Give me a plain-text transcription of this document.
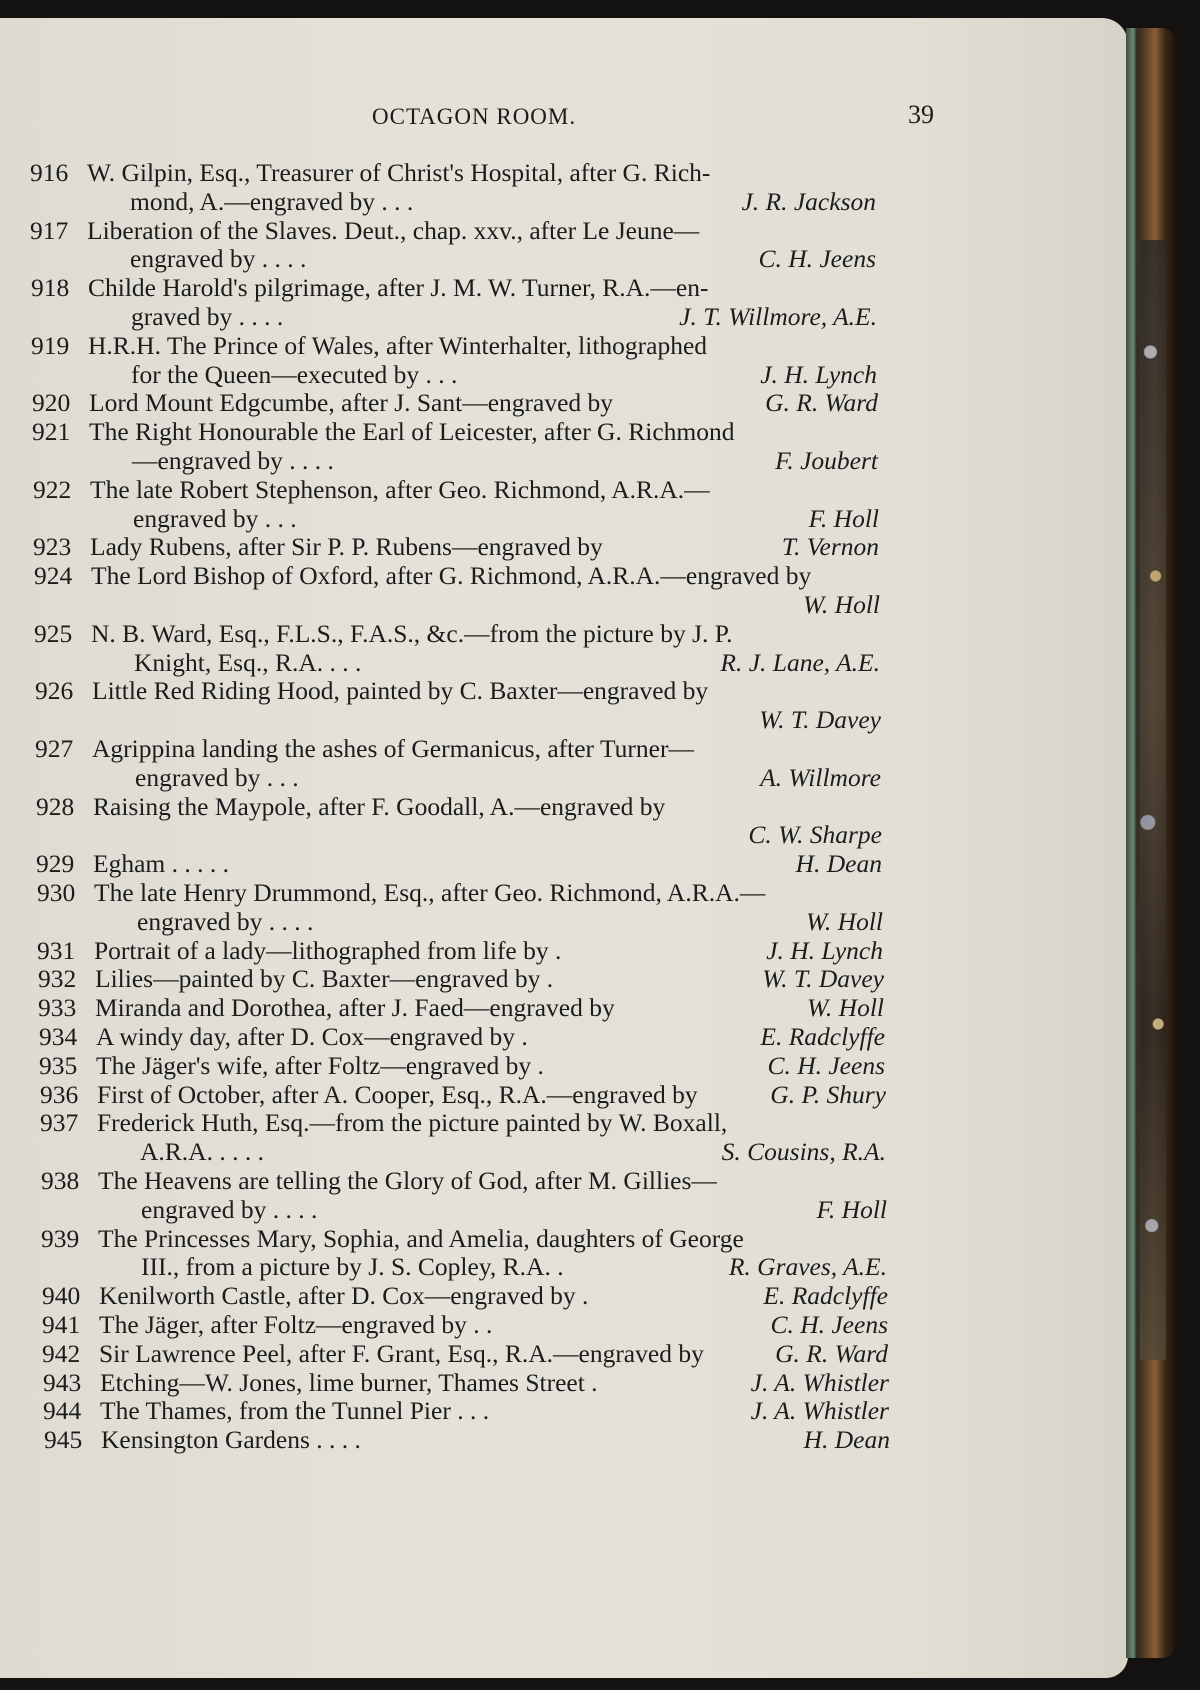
OCTAGON ROOM.	39
916 W. Gilpin, Esq., Treasurer of Christ's Hospital, after G. Rich-
mond, A.—engraved by . . .	J. R. Jackson
917 Liberation of the Slaves. Deut., chap. xxv., after Le Jeune—
engraved by . . . .	C. H. Jeens
918 Childe Harold's pilgrimage, after J. M. W. Turner, R.A.—en-
graved by . . . .	J. T. Willmore, A.E.
919 H.R.H. The Prince of Wales, after Winterhalter, lithographed
for the Queen—executed by . . .	J. H. Lynch
920 Lord Mount Edgcumbe, after J. Sant—engraved by	G. R. Ward
921 The Right Honourable the Earl of Leicester, after G. Richmond
—engraved by . . . .	F. Joubert
922 The late Robert Stephenson, after Geo. Richmond, A.R.A.—
engraved by . . .	F. Holl
923 Lady Rubens, after Sir P. P. Rubens—engraved by	T. Vernon
924 The Lord Bishop of Oxford, after G. Richmond, A.R.A.—engraved by
W. Holl
925 N. B. Ward, Esq., F.L.S., F.A.S., &c.—from the picture by J. P.
Knight, Esq., R.A. . . .	R. J. Lane, A.E.
926 Little Red Riding Hood, painted by C. Baxter—engraved by
W. T. Davey
927 Agrippina landing the ashes of Germanicus, after Turner—
engraved by . . .	A. Willmore
928 Raising the Maypole, after F. Goodall, A.—engraved by
C. W. Sharpe
929 Egham . . . . .	H. Dean
930 The late Henry Drummond, Esq., after Geo. Richmond, A.R.A.—
engraved by . . . .	W. Holl
931 Portrait of a lady—lithographed from life by .	J. H. Lynch
932 Lilies—painted by C. Baxter—engraved by .	W. T. Davey
933 Miranda and Dorothea, after J. Faed—engraved by	W. Holl
934 A windy day, after D. Cox—engraved by .	E. Radclyffe
935 The Jäger's wife, after Foltz—engraved by .	C. H. Jeens
936 First of October, after A. Cooper, Esq., R.A.—engraved by	G. P. Shury
937 Frederick Huth, Esq.—from the picture painted by W. Boxall,
A.R.A. . . . .	S. Cousins, R.A.
938 The Heavens are telling the Glory of God, after M. Gillies—
engraved by . . . .	F. Holl
939 The Princesses Mary, Sophia, and Amelia, daughters of George
III., from a picture by J. S. Copley, R.A. .	R. Graves, A.E.
940 Kenilworth Castle, after D. Cox—engraved by .	E. Radclyffe
941 The Jäger, after Foltz—engraved by . .	C. H. Jeens
942 Sir Lawrence Peel, after F. Grant, Esq., R.A.—engraved by	G. R. Ward
943 Etching—W. Jones, lime burner, Thames Street .	J. A. Whistler
944 The Thames, from the Tunnel Pier . . .	J. A. Whistler
945 Kensington Gardens . . . .	H. Dean
